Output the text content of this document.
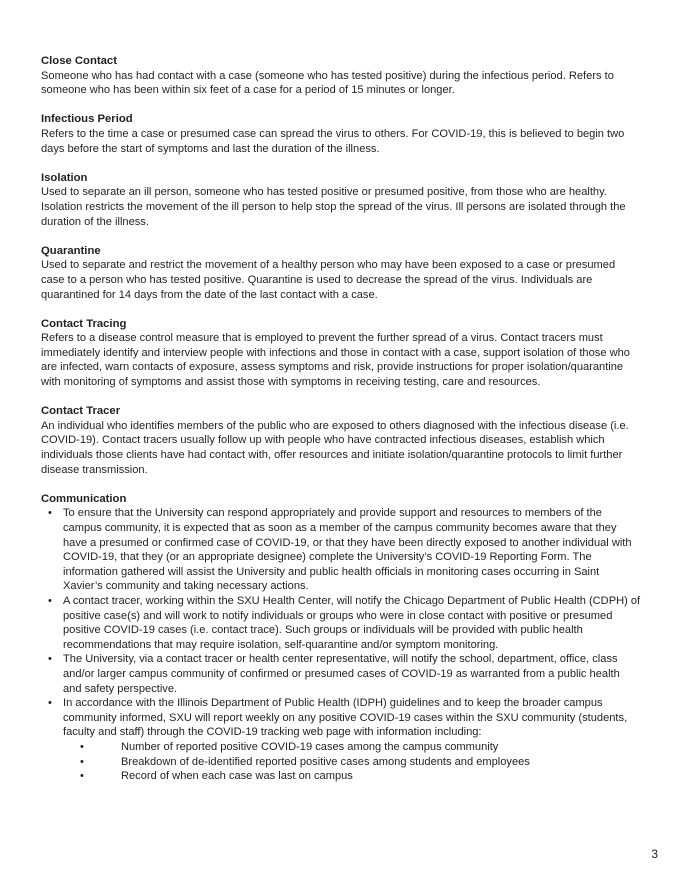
Close Contact

Someone who has had contact with a case (someone who has tested positive) during the infectious period. Refers to someone who has been within six feet of a case for a period of 15 minutes or longer.

Infectious Period

Refers to the time a case or presumed case can spread the virus to others. For COVID-19, this is believed to begin two days before the start of symptoms and last the duration of the illness.

Isolation

Used to separate an ill person, someone who has tested positive or presumed positive, from those who are healthy. Isolation restricts the movement of the ill person to help stop the spread of the virus. Ill persons are isolated through the duration of the illness.

Quarantine

Used to separate and restrict the movement of a healthy person who may have been exposed to a case or presumed case to a person who has tested positive. Quarantine is used to decrease the spread of the virus. Individuals are quarantined for 14 days from the date of the last contact with a case.

Contact Tracing

Refers to a disease control measure that is employed to prevent the further spread of a virus. Contact tracers must immediately identify and interview people with infections and those in contact with a case, support isolation of those who are infected, warn contacts of exposure, assess symptoms and risk, provide instructions for proper isolation/quarantine with monitoring of symptoms and assist those with symptoms in receiving testing, care and resources.

Contact Tracer

An individual who identifies members of the public who are exposed to others diagnosed with the infectious disease (i.e. COVID-19). Contact tracers usually follow up with people who have contracted infectious diseases, establish which individuals those clients have had contact with, offer resources and initiate isolation/quarantine protocols to limit further disease transmission.

Communication

• To ensure that the University can respond appropriately and provide support and resources to members of the campus community, it is expected that as soon as a member of the campus community becomes aware that they have a presumed or confirmed case of COVID-19, or that they have been directly exposed to another individual with COVID-19, that they (or an appropriate designee) complete the University’s COVID-19 Reporting Form. The information gathered will assist the University and public health officials in monitoring cases occurring in Saint Xavier’s community and taking necessary actions.
• A contact tracer, working within the SXU Health Center, will notify the Chicago Department of Public Health (CDPH) of positive case(s) and will work to notify individuals or groups who were in close contact with positive or presumed positive COVID-19 cases (i.e. contact trace). Such groups or individuals will be provided with public health recommendations that may require isolation, self-quarantine and/or symptom monitoring.
• The University, via a contact tracer or health center representative, will notify the school, department, office, class and/or larger campus community of confirmed or presumed cases of COVID-19 as warranted from a public health and safety perspective.
• In accordance with the Illinois Department of Public Health (IDPH) guidelines and to keep the broader campus community informed, SXU will report weekly on any positive COVID-19 cases within the SXU community (students, faculty and staff) through the COVID-19 tracking web page with information including:
•	Number of reported positive COVID-19 cases among the campus community
•	Breakdown of de-identified reported positive cases among students and employees
•	Record of when each case was last on campus
3
